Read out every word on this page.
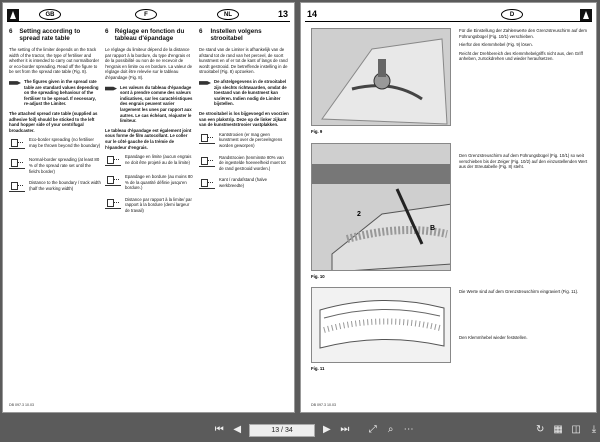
GB	F	NL	13
6 Setting according to spread rate table

The setting of the limiter depends on the track width of the tractor, the type of fertiliser and whether it is intended to carry out normalborder or eco-border spreading. Read off the figure to be set from the spread rate table (Fig. 8).

The figures given in the spread rate table are standard values depending on the spreading behaviour of the fertiliser to be spread. If necessary, re-adjust the Limiter.

The attached spread rate table (supplied as adhesive foil) should be sticked to the left hand hopper side of your centrifugal broadcaster.

Eco-border spreading (no fertiliser may be thrown beyond the boundary)
Normal-border spreading (at least 80 % of the spread rate set until the field's border)
Distance to the boundary / track width (half the working width)
6 Réglage en fonction du tableau d'épandage

Le réglage du limiteur dépend de la distance par rapport à la bordure, du type d'engrais et de la possibilité ou non de ne recevoir de l'engrais en limite ou en bordure. La valeur de réglage doit être relevée sur le tableau d'épandage (Fig. 8).

Les valeurs du tableau d'épandage sont à prendre comme des valeurs indicatives, car les caractéristiques des engrais peuvent varier largement les unes par rapport aux autres. Le cas échéant, réajuster le limiteur.

Le tableau d'épandage est également joint sous forme de film autocollant. Le coller sur le côté gauche de la trémie de l'épandeur d'engrais.

Epandage en limite (aucun engrais ne doit être projeté au de la limite)
Epandage en bordure (au moins 80 % de la quantité définie jusqu'en bordure.)
Distance par rapport à la limite/ par rapport à la bordure (demi largeur de travail)
6	Instellen volgens strooitabel

De stand van de Limiter is afhankelijk van de afstand tot de rand van het perceel, de soort kunstmest en of er tot de kant of langs de rand wordt gestrooid. De betreffende instelling in de strooitabel (Fig. 8) opzoeken.

De afstelgegevens in de strooitabel zijn slechts richtwaarden, omdat de toestand van de kunstmest kan variëren. Indien nodig de Limiter bijstellen.

De strooitabel is los bijgevoegd en voorzien van een plakstrip. Deze op de linker zijkant van de kunstmeststrooier vastplakken.

Kantstrooien (er mag geen kunstmest over de perceelsgrens worden geworpen)
Randstrooien (tenminste 80% van de ingestelde hoeveelheid moet tot de rand gestrooid worden.)
Kant / randafstand (halve werkbreedte)
DB 097.3 10.03
14	D
Fig. 9
2
B
Fig. 10
Fig. 11

Für die Einstellung der Zahlenwerte den Grenzstreuschirm auf dem Führungsbügel (Fig. 10/1) verschieben.

Hierfür den Klemmhebel (Fig. 9) lösen.

Reicht der Drehbereich des Klemmhebelgriffs nicht aus, den Griff anheben, zurückdrehen und wieder heraufsetzen.

Den Grenzstreuschirm auf dem Führungsbügel (Fig. 10/1) so weit verschieben bis der Zeiger (Fig. 10/2) auf den einzustellenden Wert aus der Streutabelle (Fig. 8) steht.

Die Werte sind auf dem Grenzstreuschirm eingraviert (Fig. 11).

Den Klemmhebel wieder feststellen.

DB 097.3 10.03
⏮ ◀	13 / 34	▶ ⏭ ⤢	⌕	⋯	↻ ▦ ◫	⤓
